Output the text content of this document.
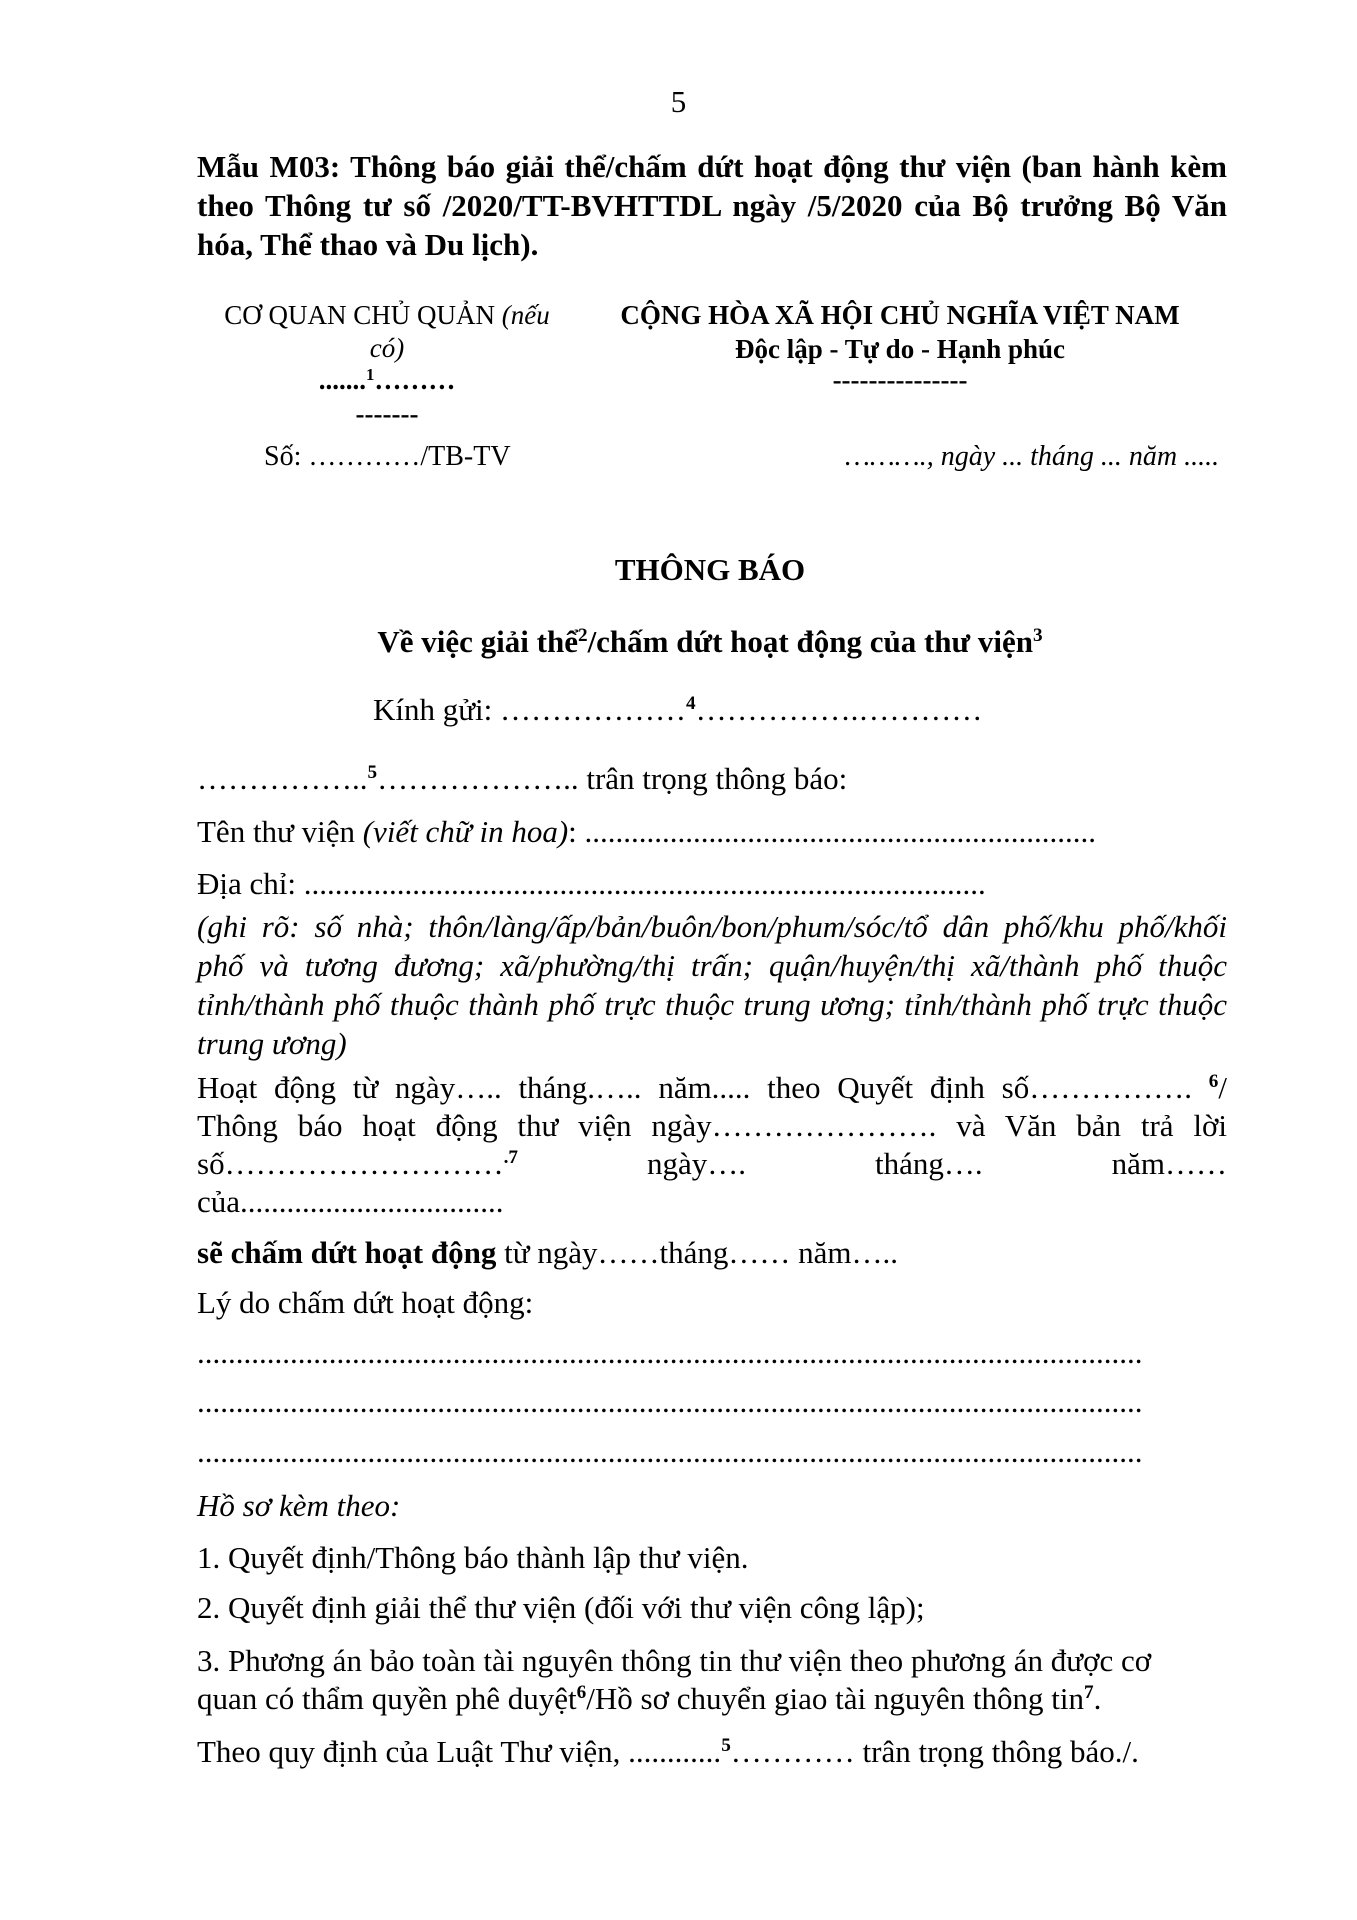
5
Mẫu M03: Thông báo giải thể/chấm dứt hoạt động thư viện (ban hành kèm theo Thông tư số /2020/TT-BVHTTDL ngày /5/2020 của Bộ trưởng Bộ Văn hóa, Thể thao và Du lịch).
CƠ QUAN CHỦ QUẢN (nếu
có)
.......$^1$………
-------
Số: …………/TB-TV
CỘNG HÒA XÃ HỘI CHỦ NGHĨA VIỆT NAM
Độc lập - Tự do - Hạnh phúc
---------------
………., ngày ... tháng ... năm .....
THÔNG BÁO
Về việc giải thể$^2$/chấm dứt hoạt động của thư viện$^3$
Kính gửi: ………………$^4$…………….…………
……………..$^5$……………….. trân trọng thông báo:
Tên thư viện (viết chữ in hoa): ..................................................................
Địa chỉ: ........................................................................................
(ghi rõ: số nhà; thôn/làng/ấp/bản/buôn/bon/phum/sóc/tổ dân phố/khu phố/khối phố và tương đương; xã/phường/thị trấn; quận/huyện/thị xã/thành phố thuộc tỉnh/thành phố thuộc thành phố trực thuộc trung ương; tỉnh/thành phố trực thuộc trung ương)
Hoạt động từ ngày….. tháng.….. năm..... theo Quyết định số……………. $^6$/
Thông báo hoạt động thư viện ngày…………………. và Văn bản trả lời
số………………………$^{.7}$	ngày….	tháng….	năm……
của..................................
sẽ chấm dứt hoạt động từ ngày……tháng…… năm…..
Lý do chấm dứt hoạt động:
..........................................................................................................................
..........................................................................................................................
..........................................................................................................................
Hồ sơ kèm theo:
1. Quyết định/Thông báo thành lập thư viện.
2. Quyết định giải thể thư viện (đối với thư viện công lập);
3. Phương án bảo toàn tài nguyên thông tin thư viện theo phương án được cơ
quan có thẩm quyền phê duyệt$^6$/Hồ sơ chuyển giao tài nguyên thông tin$^7$.
Theo quy định của Luật Thư viện, ............$^5$………… trân trọng thông báo./.
